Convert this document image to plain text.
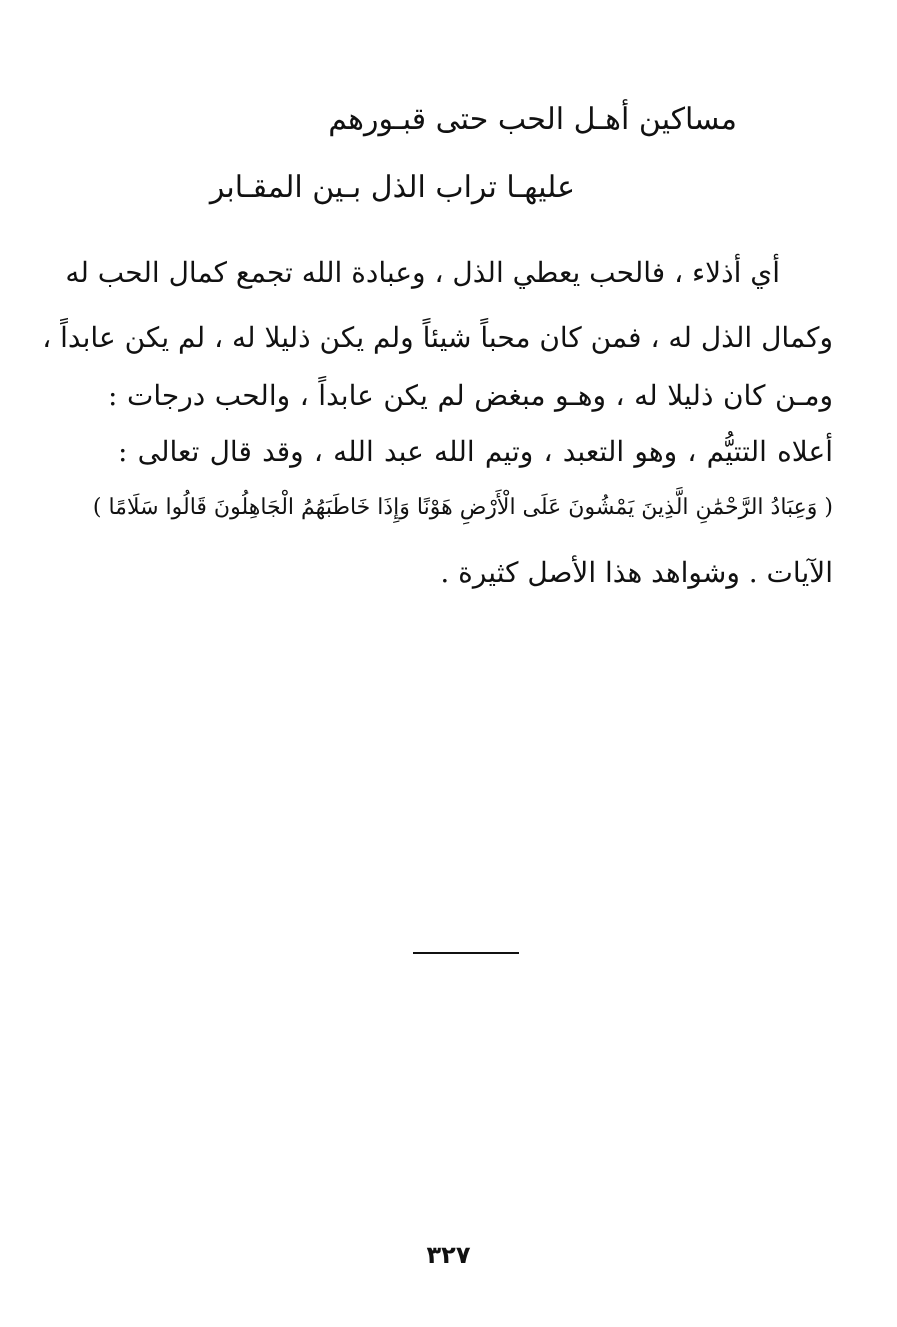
مساكين أهـل الحب حتى قبـورهم
عليهـا تراب الذل بـين المقـابر
أي أذلاء ، فالحب يعطي الذل ، وعبادة الله تجمع كمال الحب له
وكمال الذل له ، فمن كان محباً شيئاً ولم يكن ذليلا له ، لم يكن عابداً ،
ومـن كان ذليلا له ، وهـو مبغض لم يكن عابداً ، والحب درجات :
أعلاه التتيُّم ، وهو التعبد ، وتيم الله عبد الله ، وقد قال تعالى :
( وَعِبَادُ الرَّحْمَٰنِ الَّذِينَ يَمْشُونَ عَلَى الْأَرْضِ هَوْنًا وَإِذَا خَاطَبَهُمُ الْجَاهِلُونَ قَالُوا سَلَامًا )
الآيات . وشواهد هذا الأصل كثيرة .
٣٢٧
